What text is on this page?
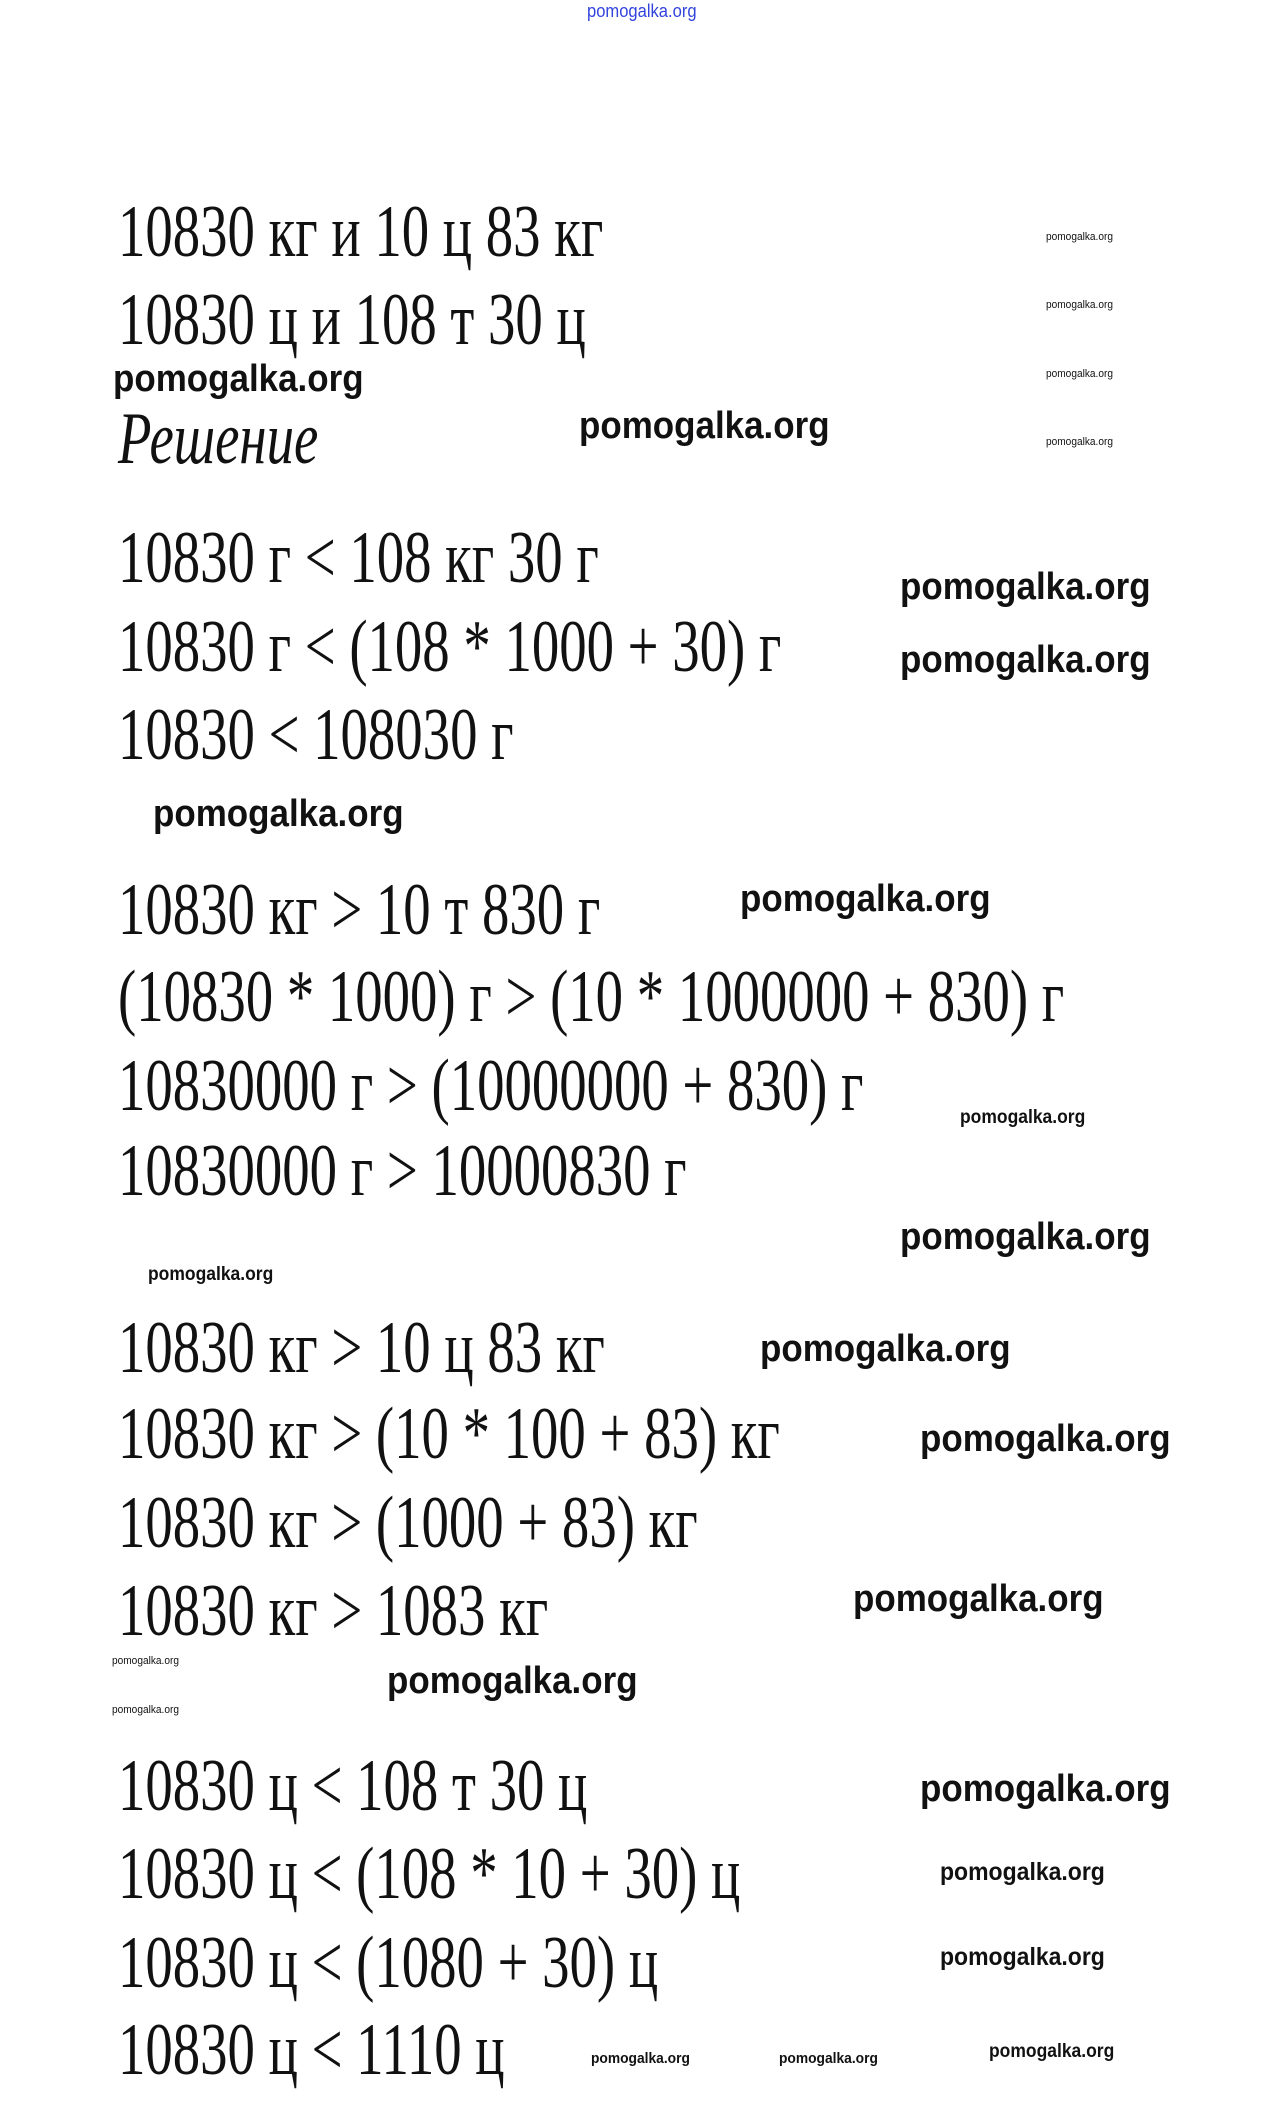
pomogalka.org
10830 кг и 10 ц 83 кг
10830 ц и 108 т 30 ц
Решение
10830 г < 108 кг 30 г
10830 г < (108 * 1000 + 30) г
10830 < 108030 г
10830 кг > 10 т 830 г
(10830 * 1000) г > (10 * 1000000 + 830) г
10830000 г > (10000000 + 830) г
10830000 г > 10000830 г
10830 кг > 10 ц 83 кг
10830 кг > (10 * 100 + 83) кг
10830 кг > (1000 + 83) кг
10830 кг > 1083 кг
10830 ц < 108 т 30 ц
10830 ц < (108 * 10 + 30) ц
10830 ц < (1080 + 30) ц
10830 ц < 1110 ц
pomogalka.org
pomogalka.org
pomogalka.org
pomogalka.org
pomogalka.org
pomogalka.org
pomogalka.org
pomogalka.org
pomogalka.org
pomogalka.org
pomogalka.org
pomogalka.org
pomogalka.org
pomogalka.org
pomogalka.org
pomogalka.org
pomogalka.org
pomogalka.org
pomogalka.org
pomogalka.org
pomogalka.org
pomogalka.org
pomogalka.org	pomogalka.org	pomogalka.org
